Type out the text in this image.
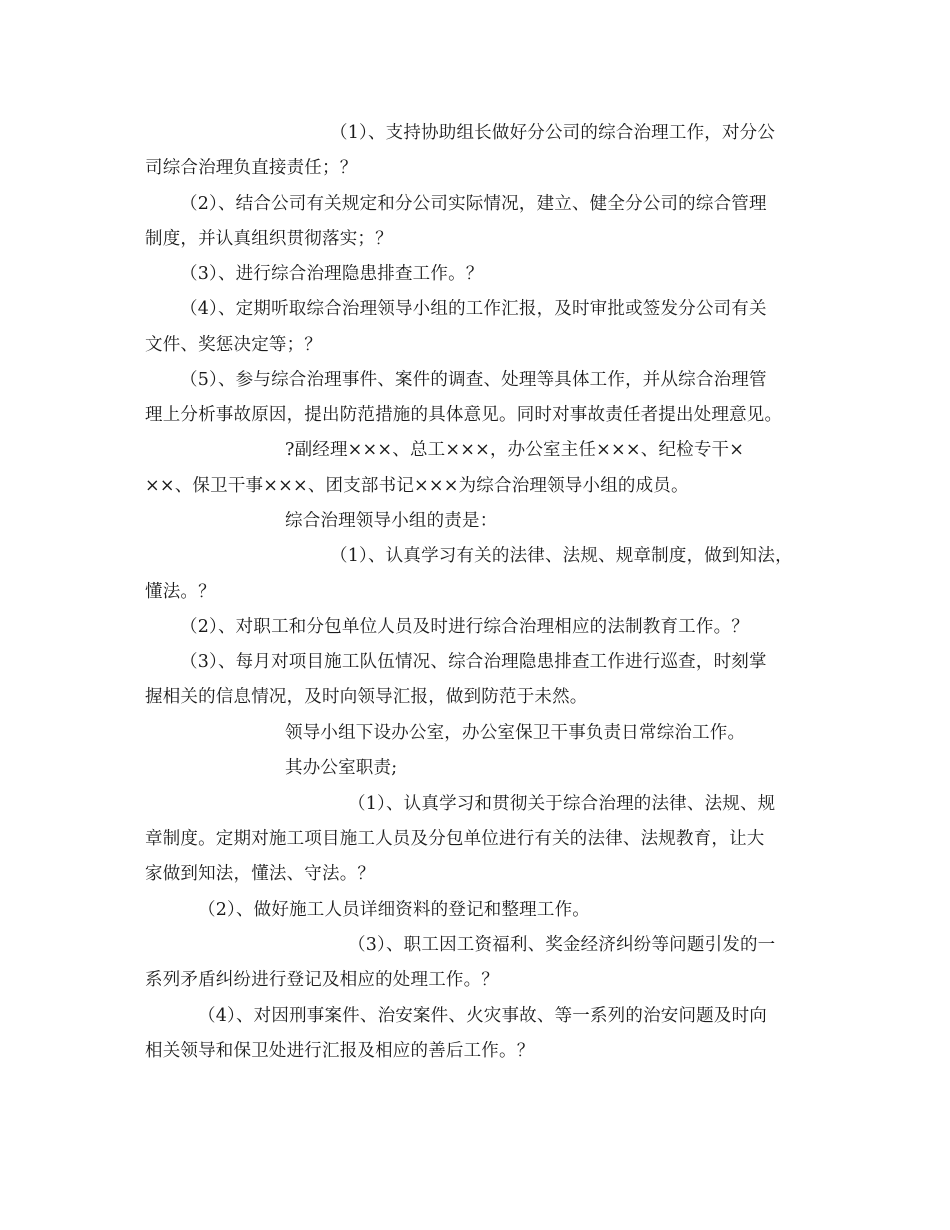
（1）、支持协助组长做好分公司的综合治理工作，对分公
司综合治理负直接责任；？
（2）、结合公司有关规定和分公司实际情况，建立、健全分公司的综合管理
制度，并认真组织贯彻落实；？
（3）、进行综合治理隐患排查工作。？
（4）、定期听取综合治理领导小组的工作汇报，及时审批或签发分公司有关
文件、奖惩决定等；？
（5）、参与综合治理事件、案件的调查、处理等具体工作，并从综合治理管
理上分析事故原因，提出防范措施的具体意见。同时对事故责任者提出处理意见。
?副经理×××、总工×××，办公室主任×××、纪检专干×
××、保卫干事×××、团支部书记×××为综合治理领导小组的成员。
综合治理领导小组的责是：
（1）、认真学习有关的法律、法规、规章制度，做到知法，
懂法。？
（2）、对职工和分包单位人员及时进行综合治理相应的法制教育工作。？
（3）、每月对项目施工队伍情况、综合治理隐患排查工作进行巡查，时刻掌
握相关的信息情况，及时向领导汇报，做到防范于未然。
领导小组下设办公室，办公室保卫干事负责日常综治工作。
其办公室职责;
（1）、认真学习和贯彻关于综合治理的法律、法规、规
章制度。定期对施工项目施工人员及分包单位进行有关的法律、法规教育，让大
家做到知法，懂法、守法。？
（2）、做好施工人员详细资料的登记和整理工作。
（3）、职工因工资福利、奖金经济纠纷等问题引发的一
系列矛盾纠纷进行登记及相应的处理工作。？
（4）、对因刑事案件、治安案件、火灾事故、等一系列的治安问题及时向
相关领导和保卫处进行汇报及相应的善后工作。？
